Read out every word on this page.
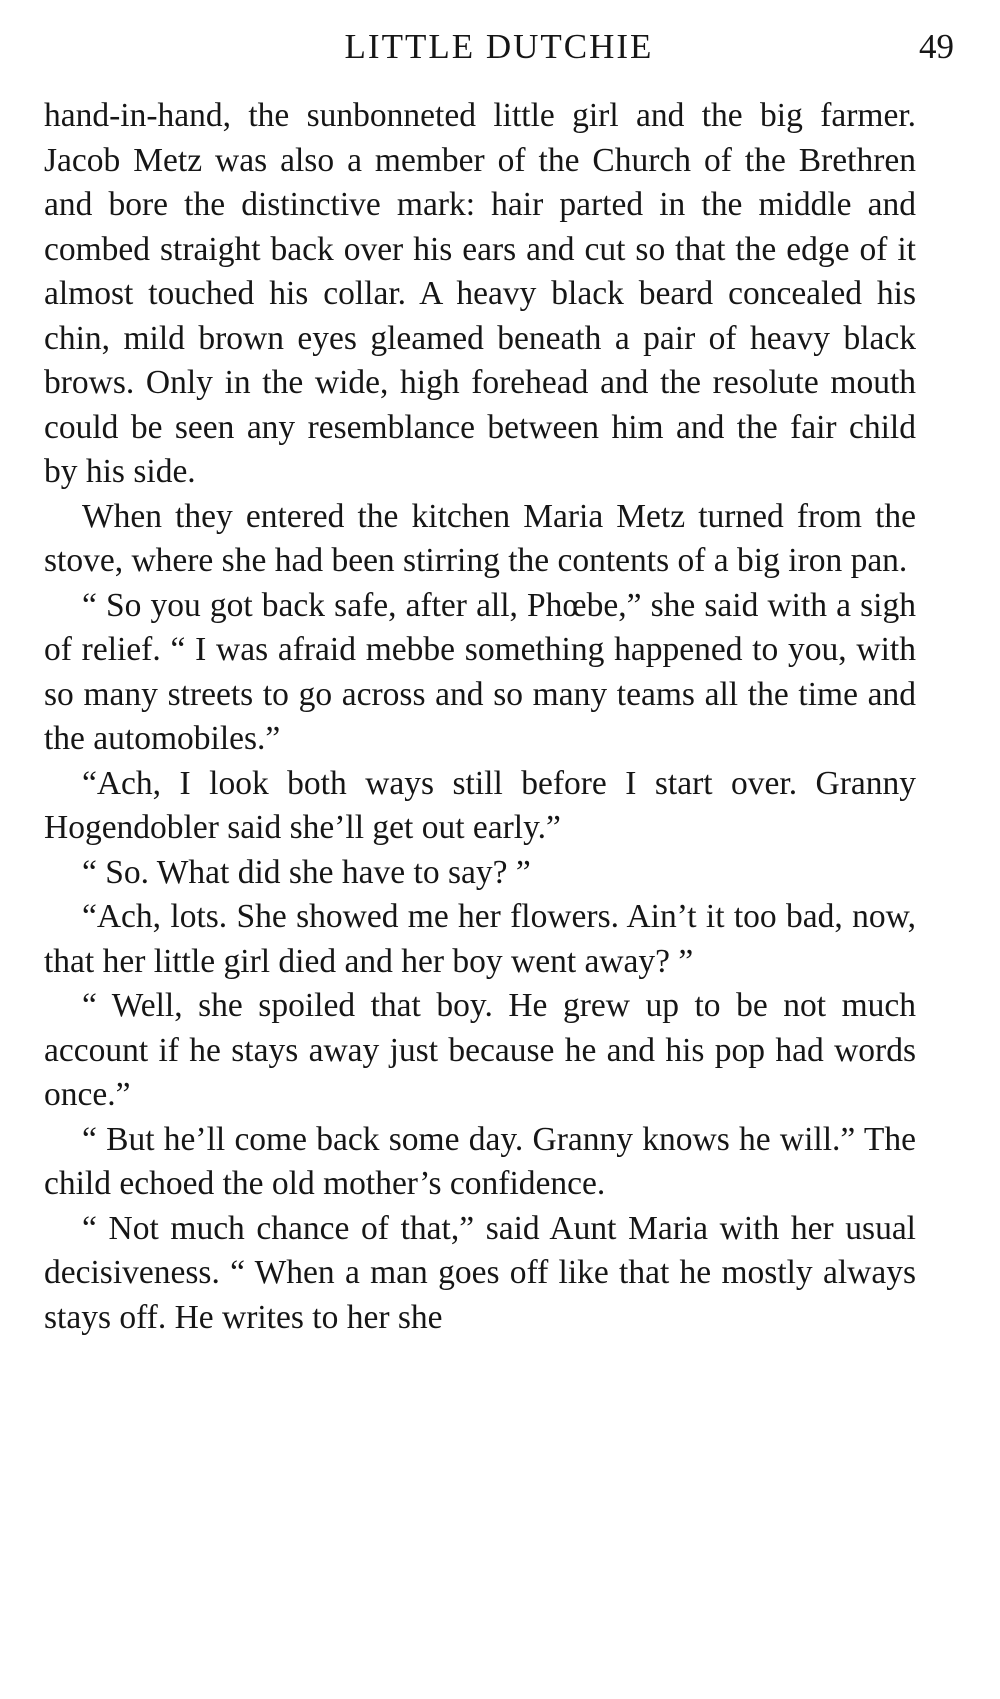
LITTLE DUTCHIE	49

hand-in-hand, the sunbonneted little girl and the big farmer. Jacob Metz was also a member of the Church of the Brethren and bore the distinctive mark: hair parted in the middle and combed straight back over his ears and cut so that the edge of it almost touched his collar. A heavy black beard concealed his chin, mild brown eyes gleamed beneath a pair of heavy black brows. Only in the wide, high forehead and the resolute mouth could be seen any resemblance between him and the fair child by his side.

When they entered the kitchen Maria Metz turned from the stove, where she had been stirring the contents of a big iron pan.

“ So you got back safe, after all, Phœbe,” she said with a sigh of relief. “ I was afraid mebbe something happened to you, with so many streets to go across and so many teams all the time and the automobiles.”

“Ach, I look both ways still before I start over. Granny Hogendobler said she’ll get out early.”

“ So. What did she have to say? ”

“Ach, lots. She showed me her flowers. Ain’t it too bad, now, that her little girl died and her boy went away? ”

“ Well, she spoiled that boy. He grew up to be not much account if he stays away just because he and his pop had words once.”

“ But he’ll come back some day. Granny knows he will.” The child echoed the old mother’s confidence.

“ Not much chance of that,” said Aunt Maria with her usual decisiveness. “ When a man goes off like that he mostly always stays off. He writes to her she
